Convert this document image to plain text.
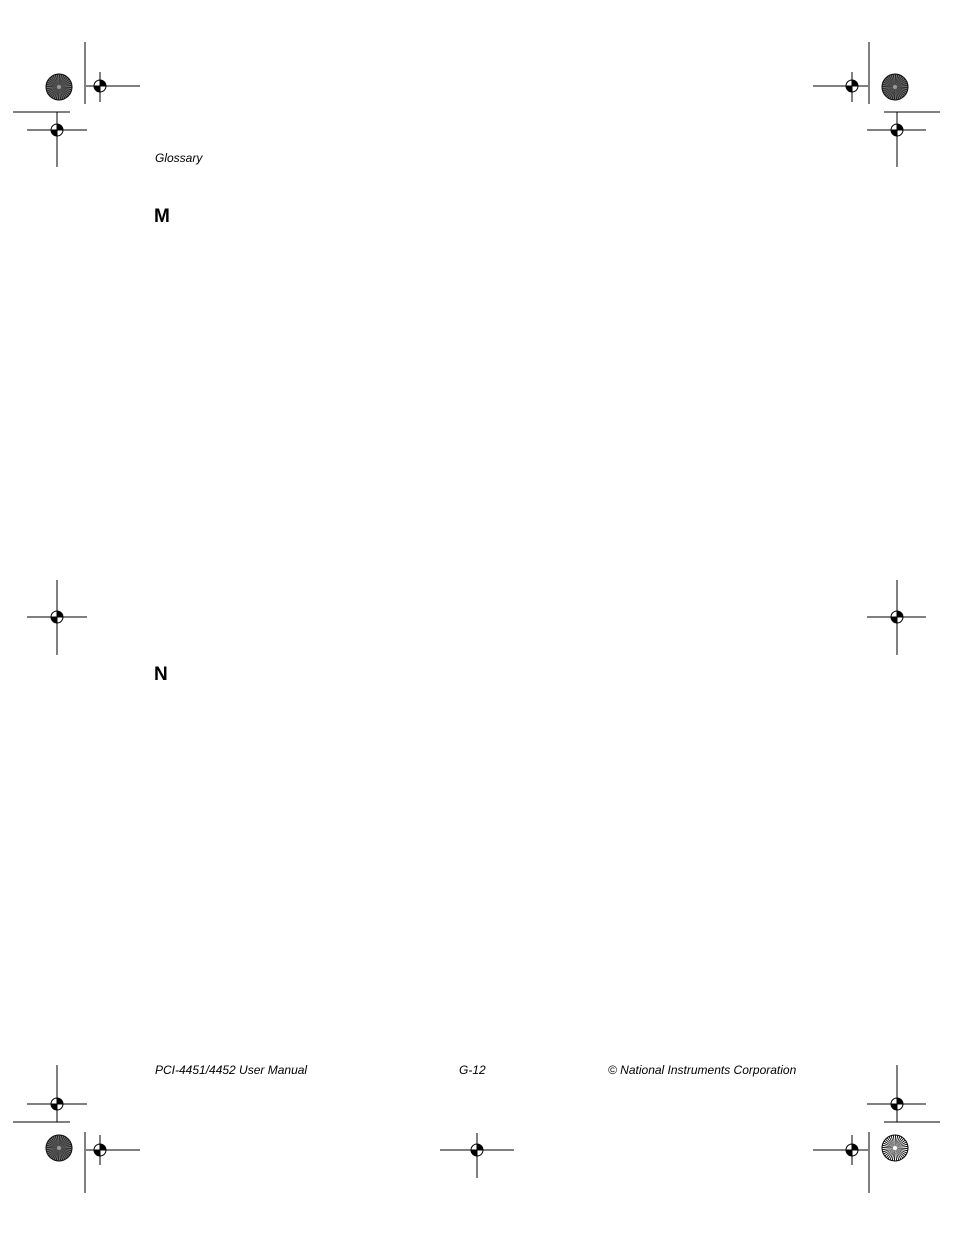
Glossary
M
N
PCI-4451/4452 User Manual	G-12	© National Instruments Corporation
